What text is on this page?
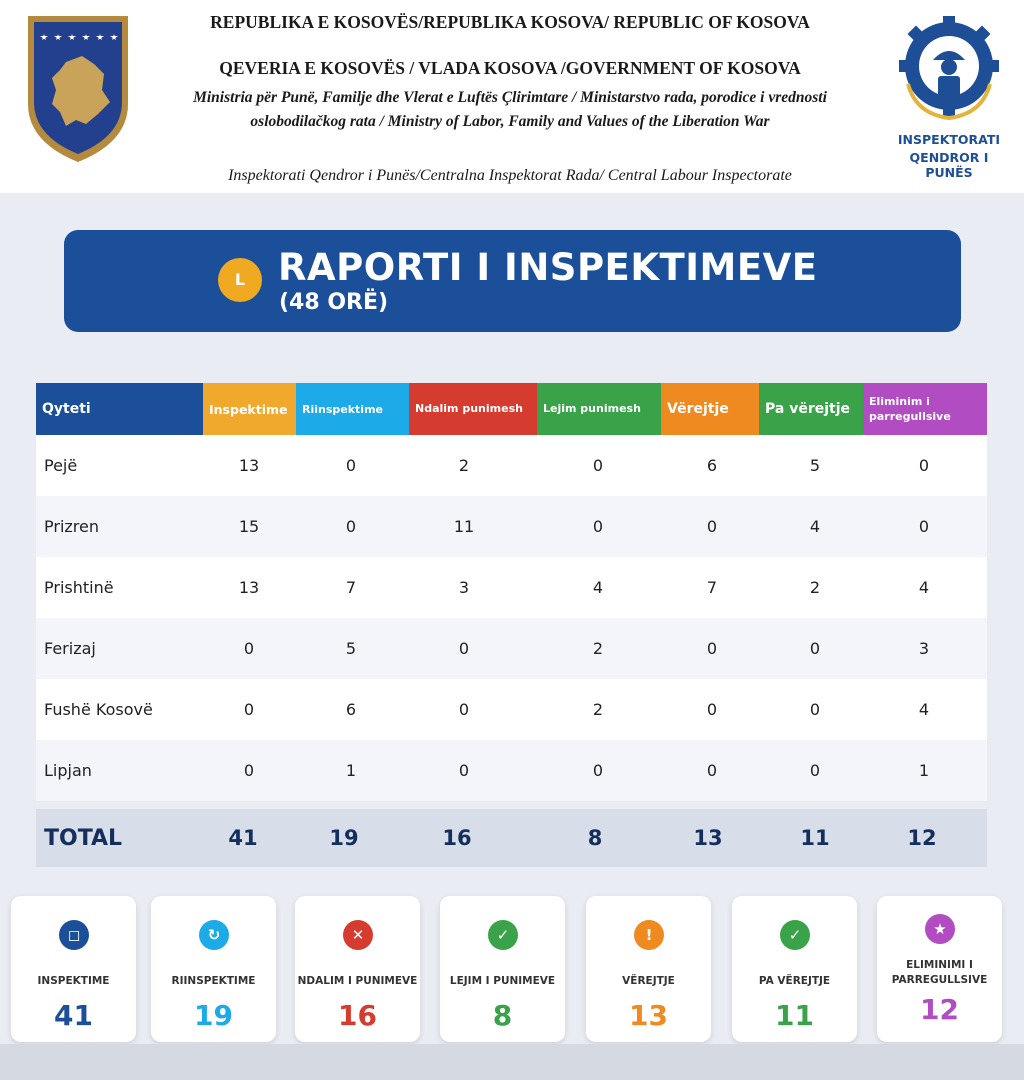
REPUBLIKA E KOSOVËS/REPUBLIKA KOSOVA/ REPUBLIC OF KOSOVA
QEVERIA E KOSOVËS / VLADA KOSOVA /GOVERNMENT OF KOSOVA
Ministria për Punë, Familje dhe Vlerat e Luftës Çlirimtare / Ministarstvo rada, porodice i vrednosti oslobodilačkog rata / Ministry of Labor, Family and Values of the Liberation War
Inspektorati Qendror i Punës/Centralna Inspektorat Rada/ Central Labour Inspectorate
INSPEKTORATI
QENDROR I PUNËS
L RAPORTI I INSPEKTIMEVE
(48 ORË)
Qyteti	Inspektime	Riinspektime	Ndalim punimesh	Lejim punimesh	Vërejtje	Pa vërejtje	Eliminim i parregullsive
Pejë	13	0	2	0	6	5	0
Prizren	15	0	11	0	0	4	0
Prishtinë	13	7	3	4	7	2	4
Ferizaj	0	5	0	2	0	0	3
Fushë Kosovë	0	6	0	2	0	0	4
Lipjan	0	1	0	0	0	0	1
TOTAL	41	19	16	8	13	11	12
◻
INSPEKTIME
41
↻
RIINSPEKTIME
19
✕
NDALIM I PUNIMEVE
16
✓
LEJIM I PUNIMEVE
8
!
VËREJTJE
13
✓
PA VËREJTJE
11
★
ELIMINIMI I PARREGULLSIVE
12
